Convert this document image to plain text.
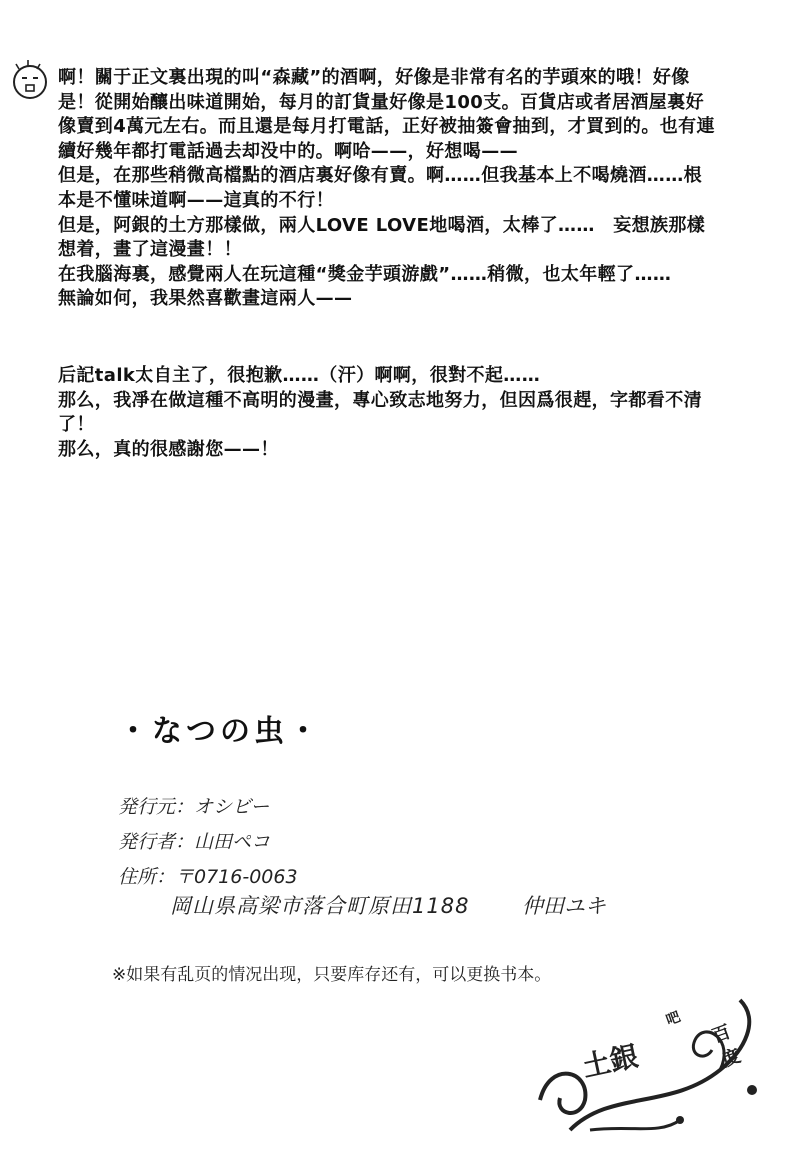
啊！關于正文裏出現的叫“森藏”的酒啊，好像是非常有名的芋頭來的哦！好像是！從開始釀出味道開始，每月的訂貨量好像是100支。百貨店或者居酒屋裏好像賣到4萬元左右。而且還是每月打電話，正好被抽簽會抽到，才買到的。也有連續好幾年都打電話過去却没中的。啊哈——，好想喝——

但是，在那些稍微高檔點的酒店裏好像有賣。啊……但我基本上不喝燒酒……根本是不懂味道啊——這真的不行！

但是，阿銀的土方那樣做，兩人LOVE LOVE地喝酒，太棒了……　妄想族那樣想着，畫了這漫畫！！

在我腦海裏，感覺兩人在玩這種“獎金芋頭游戲”……稍微，也太年輕了……

無論如何，我果然喜歡畫這兩人——

后記talk太自主了，很抱歉……（汗）啊啊，很對不起……

那么，我凈在做這種不高明的漫畫，專心致志地努力，但因爲很趕，字都看不清了！

那么，真的很感謝您——！

・なつの虫・
発行元：オシビー
発行者：山田ペコ
住所：〒0716-0063
岡山県高梁市落合町原田1188	仲田ユキ
※如果有乱页的情况出现，只要库存还有，可以更换书本。
土銀
吧
百
度
